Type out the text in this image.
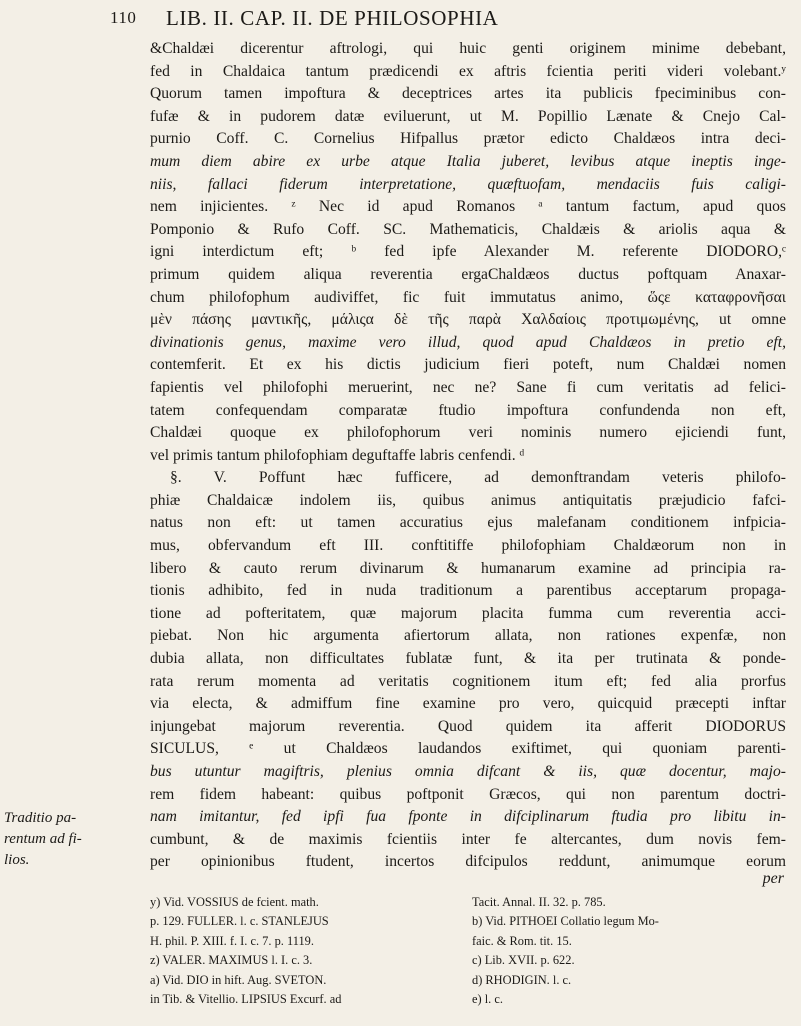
110 LIB. II. CAP. II. DE PHILOSOPHIA

&Chaldæi dicerentur aftrologi, qui huic genti originem minime debebant,
fed in Chaldaica tantum prædicendi ex aftris fcientia periti videri volebant.ʸ
Quorum tamen impoftura & deceptrices artes ita publicis fpeciminibus con-
fufæ & in pudorem datæ eviluerunt, ut M. Popillio Lænate & Cnejo Cal-
purnio Coff. C. Cornelius Hifpallus prætor edicto Chaldæos intra deci-
mum diem abire ex urbe atque Italia juberet, levibus atque ineptis inge-
niis, fallaci fiderum interpretatione, quæftuofam, mendaciis fuis caligi-
nem injicientes. ᶻ Nec id apud Romanos ᵃ tantum factum, apud quos
Pomponio & Rufo Coff. SC. Mathematicis, Chaldæis & ariolis aqua &
igni interdictum eft; ᵇ fed ipfe Alexander M. referente DIODORO,ᶜ
primum quidem aliqua reverentia ergaChaldæos ductus poftquam Anaxar-
chum philofophum audiviffet, fic fuit immutatus animo, ὥςε καταφρονῆσαι
μὲν πάσης μαντικῆς, μάλιςα δὲ τῆς παρὰ Χαλδαίοις πρoτιμωμένης, ut omne
divinationis genus, maxime vero illud, quod apud Chaldæos in pretio eft,
contemferit. Et ex his dictis judicium fieri poteft, num Chaldæi nomen
fapientis vel philofophi meruerint, nec ne? Sane fi cum veritatis ad felici-
tatem confequendam comparatæ ftudio impoftura confundenda non eft,
Chaldæi quoque ex philofophorum veri nominis numero ejiciendi funt,
vel primis tantum philofophiam deguftaffe labris cenfendi. ᵈ

§. V. Poffunt hæc fufficere, ad demonftrandam veteris philofo-
phiæ Chaldaicæ indolem iis, quibus animus antiquitatis præjudicio fafci-
natus non eft: ut tamen accuratius ejus malefanam conditionem infpicia-
mus, obfervandum eft III. conftitiffe philofophiam Chaldæorum non in
libero & cauto rerum divinarum & humanarum examine ad principia ra-
tionis adhibito, fed in nuda traditionum a parentibus acceptarum propaga-
tione ad pofteritatem, quæ majorum placita fumma cum reverentia acci-
piebat. Non hic argumenta afiertorum allata, non rationes expenfæ, non
dubia allata, non difficultates fublatæ funt, & ita per trutinata & ponde-
rata rerum momenta ad veritatis cognitionem itum eft; fed alia prorfus
via electa, & admiffum fine examine pro vero, quicquid præcepti inftar
injungebat majorum reverentia. Quod quidem ita afferit DIODORUS
SICULUS, ᵉ ut Chaldæos laudandos exiftimet, qui quoniam parenti-
bus utuntur magiftris, plenius omnia difcant & iis, quæ docentur, majo-
rem fidem habeant: quibus poftponit Græcos, qui non parentum doctri-
nam imitantur, fed ipfi fua fponte in difciplinarum ftudia pro libitu in-
cumbunt, & de maximis fcientiis inter fe altercantes, dum novis fem-
per opinionibus ftudent, incertos difcipulos reddunt, animumque eorum

Traditio pa-
rentum ad fi-
lios.
per
y) Vid. VOSSIUS de fcient. math.
p. 129. FULLER. l. c. STANLEJUS
H. phil. P. XIII. f. I. c. 7. p. 1119.
z) VALER. MAXIMUS l. I. c. 3.
a) Vid. DIO in hift. Aug. SVETON.
in Tib. & Vitellio. LIPSIUS Excurf. ad
Tacit. Annal. II. 32. p. 785.
b) Vid. PITHOEI Collatio legum Mo-
faic. & Rom. tit. 15.
c) Lib. XVII. p. 622.
d) RHODIGIN. l. c.
e) l. c.
